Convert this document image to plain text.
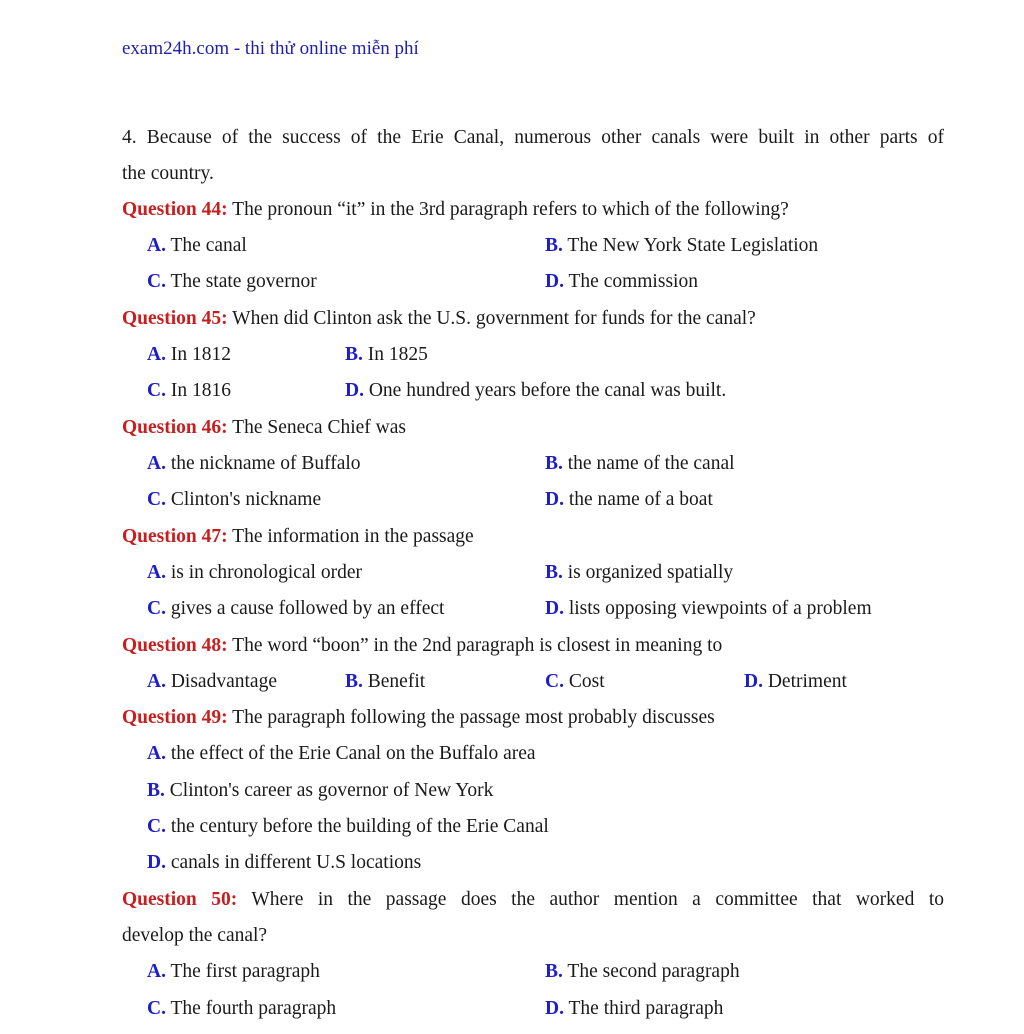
exam24h.com - thi thử online miễn phí
4. Because of the success of the Erie Canal, numerous other canals were built in other parts of
the country.
Question 44: The pronoun “it” in the 3rd paragraph refers to which of the following?
A. The canal	B. The New York State Legislation
C. The state governor	D. The commission
Question 45: When did Clinton ask the U.S. government for funds for the canal?
A. In 1812	B. In 1825
C. In 1816	D. One hundred years before the canal was built.
Question 46: The Seneca Chief was
A. the nickname of Buffalo	B. the name of the canal
C. Clinton's nickname	D. the name of a boat
Question 47: The information in the passage
A. is in chronological order	B. is organized spatially
C. gives a cause followed by an effect	D. lists opposing viewpoints of a problem
Question 48: The word “boon” in the 2nd paragraph is closest in meaning to
A. Disadvantage	B. Benefit	C. Cost	D. Detriment
Question 49: The paragraph following the passage most probably discusses
A. the effect of the Erie Canal on the Buffalo area
B. Clinton's career as governor of New York
C. the century before the building of the Erie Canal
D. canals in different U.S locations
Question 50: Where in the passage does the author mention a committee that worked to
develop the canal?
A. The first paragraph	B. The second paragraph
C. The fourth paragraph	D. The third paragraph
